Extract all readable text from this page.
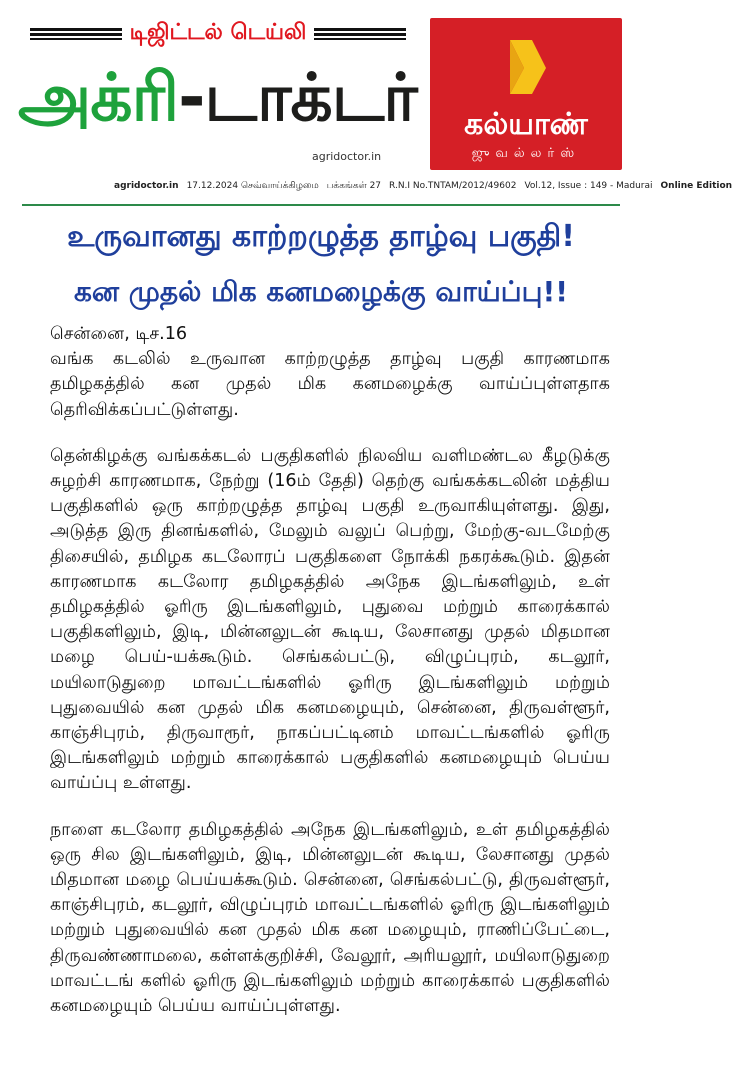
டிஜிட்டல் டெய்லி
அக்ரி -டாக்டர்
agridoctor.in
கல்யாண்
ஜுவல்லர்ஸ்
agridoctor.in 17.12.2024 செவ்வாய்க்கிழமை பக்கங்கள் 27 R.N.I No.TNTAM/2012/49602 Vol.12, Issue : 149 - Madurai Online Edition
உருவானது காற்றழுத்த தாழ்வு பகுதி!
கன முதல் மிக கனமழைக்கு வாய்ப்பு!!
சென்னை, டிச.16

வங்க கடலில் உருவான காற்றழுத்த தாழ்வு பகுதி காரணமாக தமிழகத்தில் கன முதல் மிக கனமழைக்கு வாய்ப்புள்ளதாக தெரிவிக்கப்பட்டுள்ளது.

தென்கிழக்கு வங்கக்கடல் பகுதிகளில் நிலவிய வளிமண்டல கீழடுக்கு சுழற்சி காரணமாக, நேற்று (16ம் தேதி) தெற்கு வங்கக்கடலின் மத்திய பகுதிகளில் ஒரு காற்றழுத்த தாழ்வு பகுதி உருவாகியுள்ளது. இது, அடுத்த இரு தினங்களில், மேலும் வலுப் பெற்று, மேற்கு-வடமேற்கு திசையில், தமிழக கடலோரப் பகுதிகளை நோக்கி நகரக்கூடும். இதன் காரணமாக கடலோர தமிழகத்தில் அநேக இடங்களிலும், உள் தமிழகத்தில் ஓரிரு இடங்களிலும், புதுவை மற்றும் காரைக்கால் பகுதிகளிலும், இடி, மின்னலுடன் கூடிய, லேசானது முதல் மிதமான மழை பெய்-யக்கூடும். செங்கல்பட்டு, விழுப்புரம், கடலூர், மயிலாடுதுறை மாவட்டங்களில் ஓரிரு இடங்களிலும் மற்றும் புதுவையில் கன முதல் மிக கனமழையும், சென்னை, திருவள்ளூர், காஞ்சிபுரம், திருவாரூர், நாகப்பட்டினம் மாவட்டங்களில் ஓரிரு இடங்களிலும் மற்றும் காரைக்கால் பகுதிகளில் கனமழையும் பெய்ய வாய்ப்பு உள்ளது.

நாளை கடலோர தமிழகத்தில் அநேக இடங்களிலும், உள் தமிழகத்தில் ஒரு சில இடங்களிலும், இடி, மின்னலுடன் கூடிய, லேசானது முதல் மிதமான மழை பெய்யக்கூடும். சென்னை, செங்கல்பட்டு, திருவள்ளூர், காஞ்சிபுரம், கடலூர், விழுப்புரம் மாவட்டங்களில் ஓரிரு இடங்களிலும் மற்றும் புதுவையில் கன முதல் மிக கன மழையும், ராணிப்பேட்டை, திருவண்ணாமலை, கள்ளக்குறிச்சி, வேலூர், அரியலூர், மயிலாடுதுறை மாவட்டங் களில் ஓரிரு இடங்களிலும் மற்றும் காரைக்கால் பகுதிகளில் கனமழையும் பெய்ய வாய்ப்புள்ளது.
